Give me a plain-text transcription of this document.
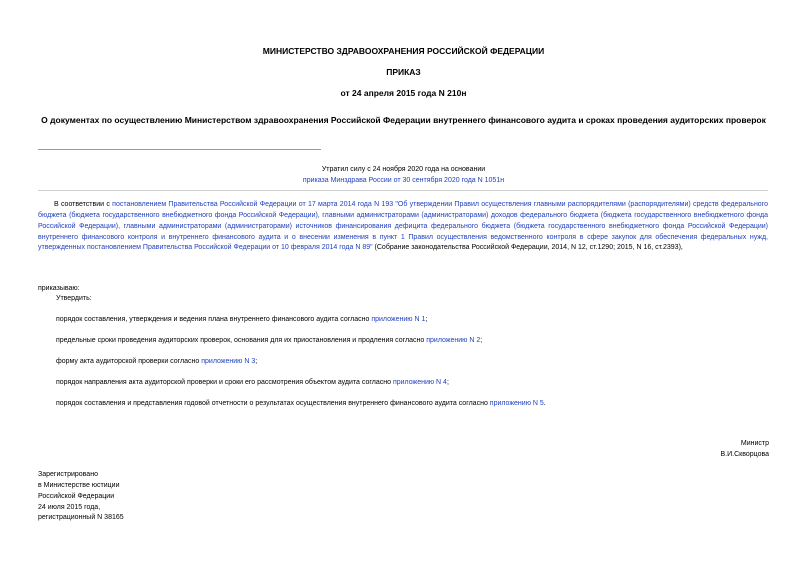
МИНИСТЕРСТВО ЗДРАВООХРАНЕНИЯ РОССИЙСКОЙ ФЕДЕРАЦИИ
ПРИКАЗ
от 24 апреля 2015 года N 210н
О документах по осуществлению Министерством здравоохранения Российской Федерации внутреннего финансового аудита и сроках проведения аудиторских проверок
Утратил силу с 24 ноября 2020 года на основании
приказа Минздрава России от 30 сентября 2020 года N 1051н
В соответствии с постановлением Правительства Российской Федерации от 17 марта 2014 года N 193 "Об утверждении Правил осуществления главными распорядителями (распорядителями) средств федерального бюджета (бюджета государственного внебюджетного фонда Российской Федерации), главными администраторами (администраторами) доходов федерального бюджета (бюджета государственного внебюджетного фонда Российской Федерации), главными администраторами (администраторами) источников финансирования дефицита федерального бюджета (бюджета государственного внебюджетного фонда Российской Федерации) внутреннего финансового контроля и внутреннего финансового аудита и о внесении изменения в пункт 1 Правил осуществления ведомственного контроля в сфере закупок для обеспечения федеральных нужд, утвержденных постановлением Правительства Российской Федерации от 10 февраля 2014 года N 89" (Собрание законодательства Российской Федерации, 2014, N 12, ст.1290; 2015, N 16, ст.2393),
приказываю:
Утвердить:
порядок составления, утверждения и ведения плана внутреннего финансового аудита согласно приложению N 1;
предельные сроки проведения аудиторских проверок, основания для их приостановления и продления согласно приложению N 2;
форму акта аудиторской проверки согласно приложению N 3;
порядок направления акта аудиторской проверки и сроки его рассмотрения объектом аудита согласно приложению N 4;
порядок составления и представления годовой отчетности о результатах осуществления внутреннего финансового аудита согласно приложению N 5.
Министр
В.И.Скворцова
Зарегистрировано
в Министерстве юстиции
Российской Федерации
24 июля 2015 года,
регистрационный N 38165
